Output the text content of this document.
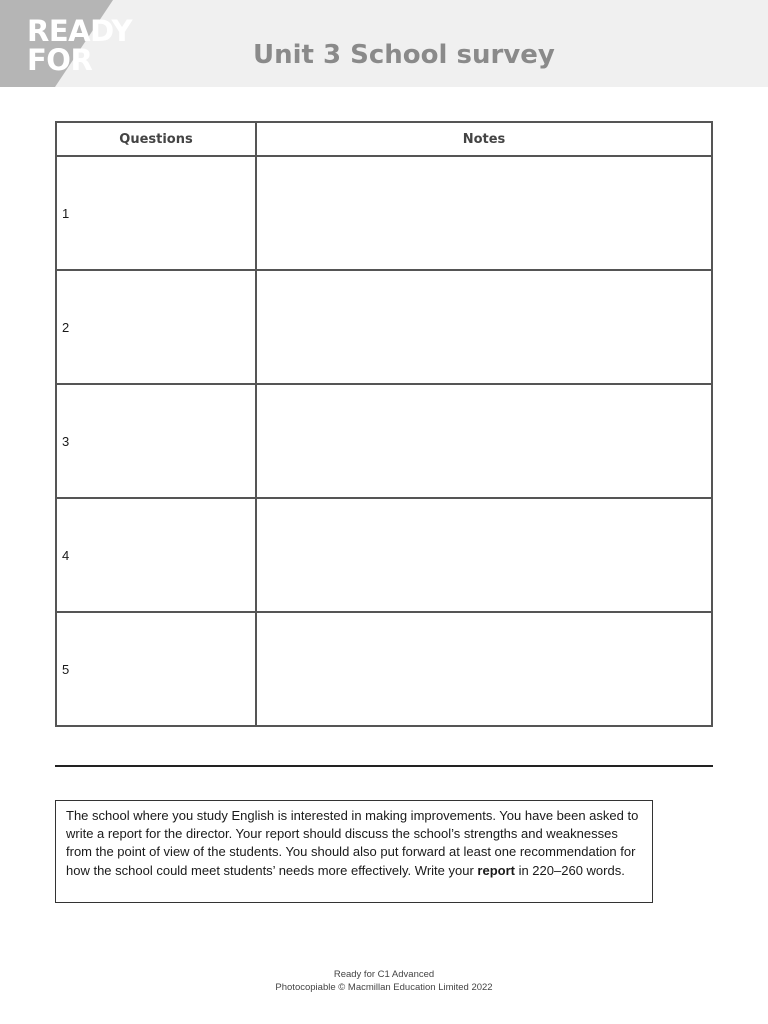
READY
FOR	Unit 3 School survey
Questions	Notes
1	
2	
3	
4	
5	
The school where you study English is interested in making improvements. You have been asked to write a report for the director. Your report should discuss the school’s strengths and weaknesses from the point of view of the students. You should also put forward at least one recommendation for how the school could meet students’ needs more effectively. Write your report in 220–260 words.
Ready for C1 Advanced
Photocopiable © Macmillan Education Limited 2022
